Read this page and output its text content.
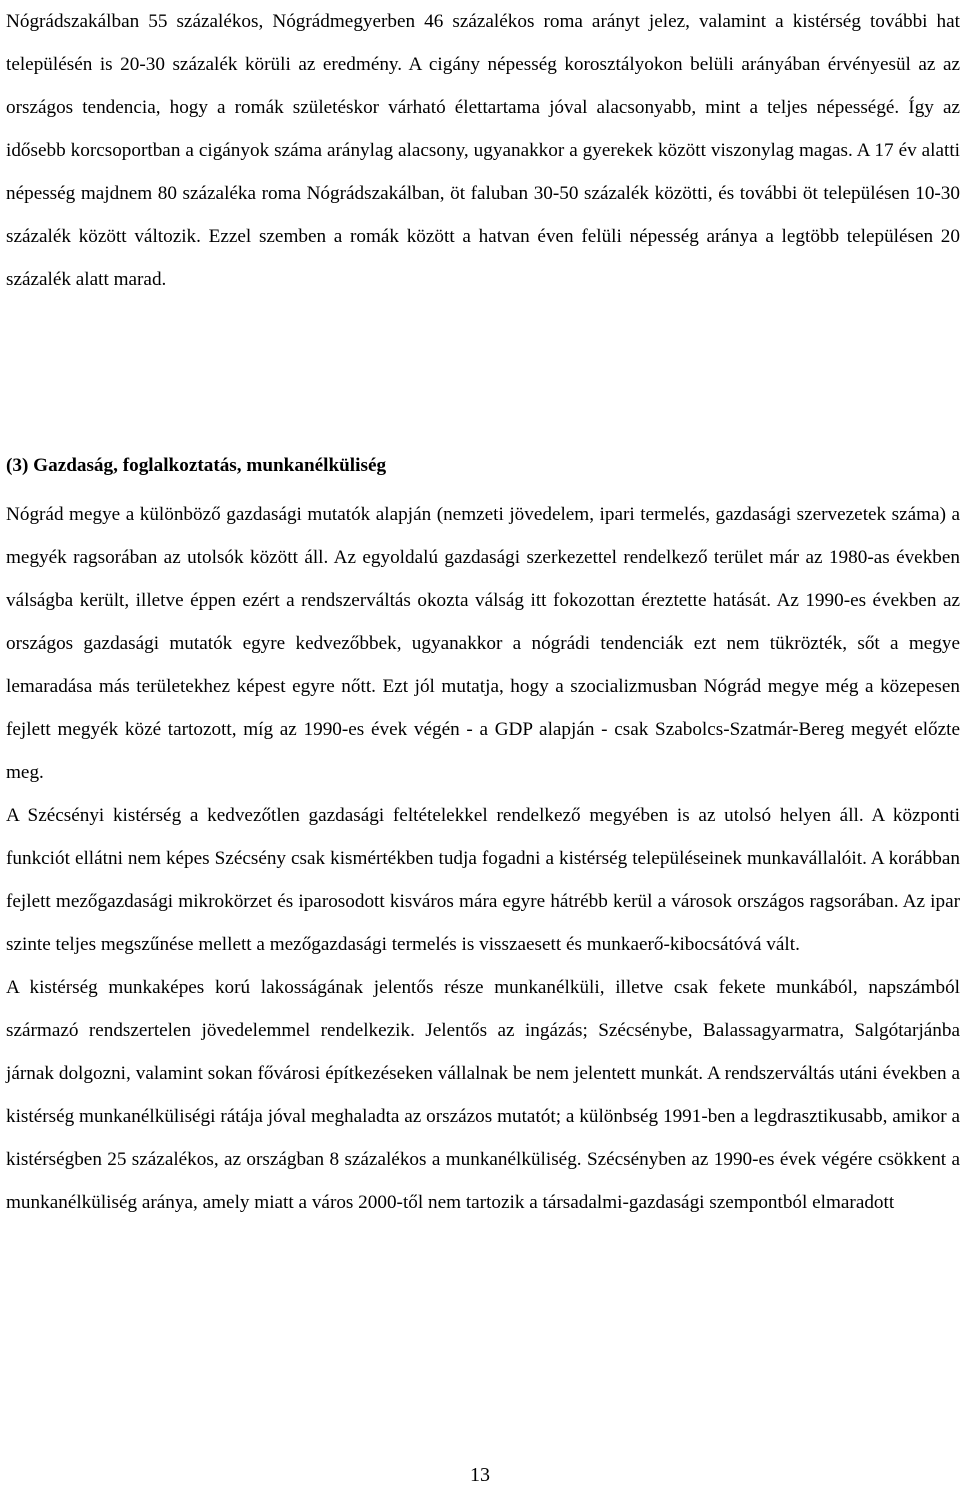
Nógrádszakálban 55 százalékos, Nógrádmegyerben 46 százalékos roma arányt jelez, valamint a kistérség további hat településén is 20-30 százalék körüli az eredmény. A cigány népesség korosztályokon belüli arányában érvényesül az az országos tendencia, hogy a romák születéskor várható élettartama jóval alacsonyabb, mint a teljes népességé. Így az idősebb korcsoportban a cigányok száma aránylag alacsony, ugyanakkor a gyerekek között viszonylag magas. A 17 év alatti népesség majdnem 80 százaléka roma Nógrádszakálban, öt faluban 30-50 százalék közötti, és további öt településen 10-30 százalék között változik. Ezzel szemben a romák között a hatvan éven felüli népesség aránya a legtöbb településen 20 százalék alatt marad.

(3) Gazdaság, foglalkoztatás, munkanélküliség

Nógrád megye a különböző gazdasági mutatók alapján (nemzeti jövedelem, ipari termelés, gazdasági szervezetek száma) a megyék ragsorában az utolsók között áll. Az egyoldalú gazdasági szerkezettel rendelkező terület már az 1980-as években válságba került, illetve éppen ezért a rendszerváltás okozta válság itt fokozottan éreztette hatását. Az 1990-es években az országos gazdasági mutatók egyre kedvezőbbek, ugyanakkor a nógrádi tendenciák ezt nem tükrözték, sőt a megye lemaradása más területekhez képest egyre nőtt. Ezt jól mutatja, hogy a szocializmusban Nógrád megye még a közepesen fejlett megyék közé tartozott, míg az 1990-es évek végén - a GDP alapján - csak Szabolcs-Szatmár-Bereg megyét előzte meg.

A Szécsényi kistérség a kedvezőtlen gazdasági feltételekkel rendelkező megyében is az utolsó helyen áll. A központi funkciót ellátni nem képes Szécsény csak kismértékben tudja fogadni a kistérség településeinek munkavállalóit. A korábban fejlett mezőgazdasági mikrokörzet és iparosodott kisváros mára egyre hátrébb kerül a városok országos ragsorában. Az ipar szinte teljes megszűnése mellett a mezőgazdasági termelés is visszaesett és munkaerő-kibocsátóvá vált.

A kistérség munkaképes korú lakosságának jelentős része munkanélküli, illetve csak fekete munkából, napszámból származó rendszertelen jövedelemmel rendelkezik. Jelentős az ingázás; Szécsénybe, Balassagyarmatra, Salgótarjánba járnak dolgozni, valamint sokan fővárosi építkezéseken vállalnak be nem jelentett munkát. A rendszerváltás utáni években a kistérség munkanélküliségi rátája jóval meghaladta az orszázos mutatót; a különbség 1991-ben a legdrasztikusabb, amikor a kistérségben 25 százalékos, az országban 8 százalékos a munkanélküliség. Szécsényben az 1990-es évek végére csökkent a munkanélküliség aránya, amely miatt a város 2000-től nem tartozik a társadalmi-gazdasági szempontból elmaradott

13
